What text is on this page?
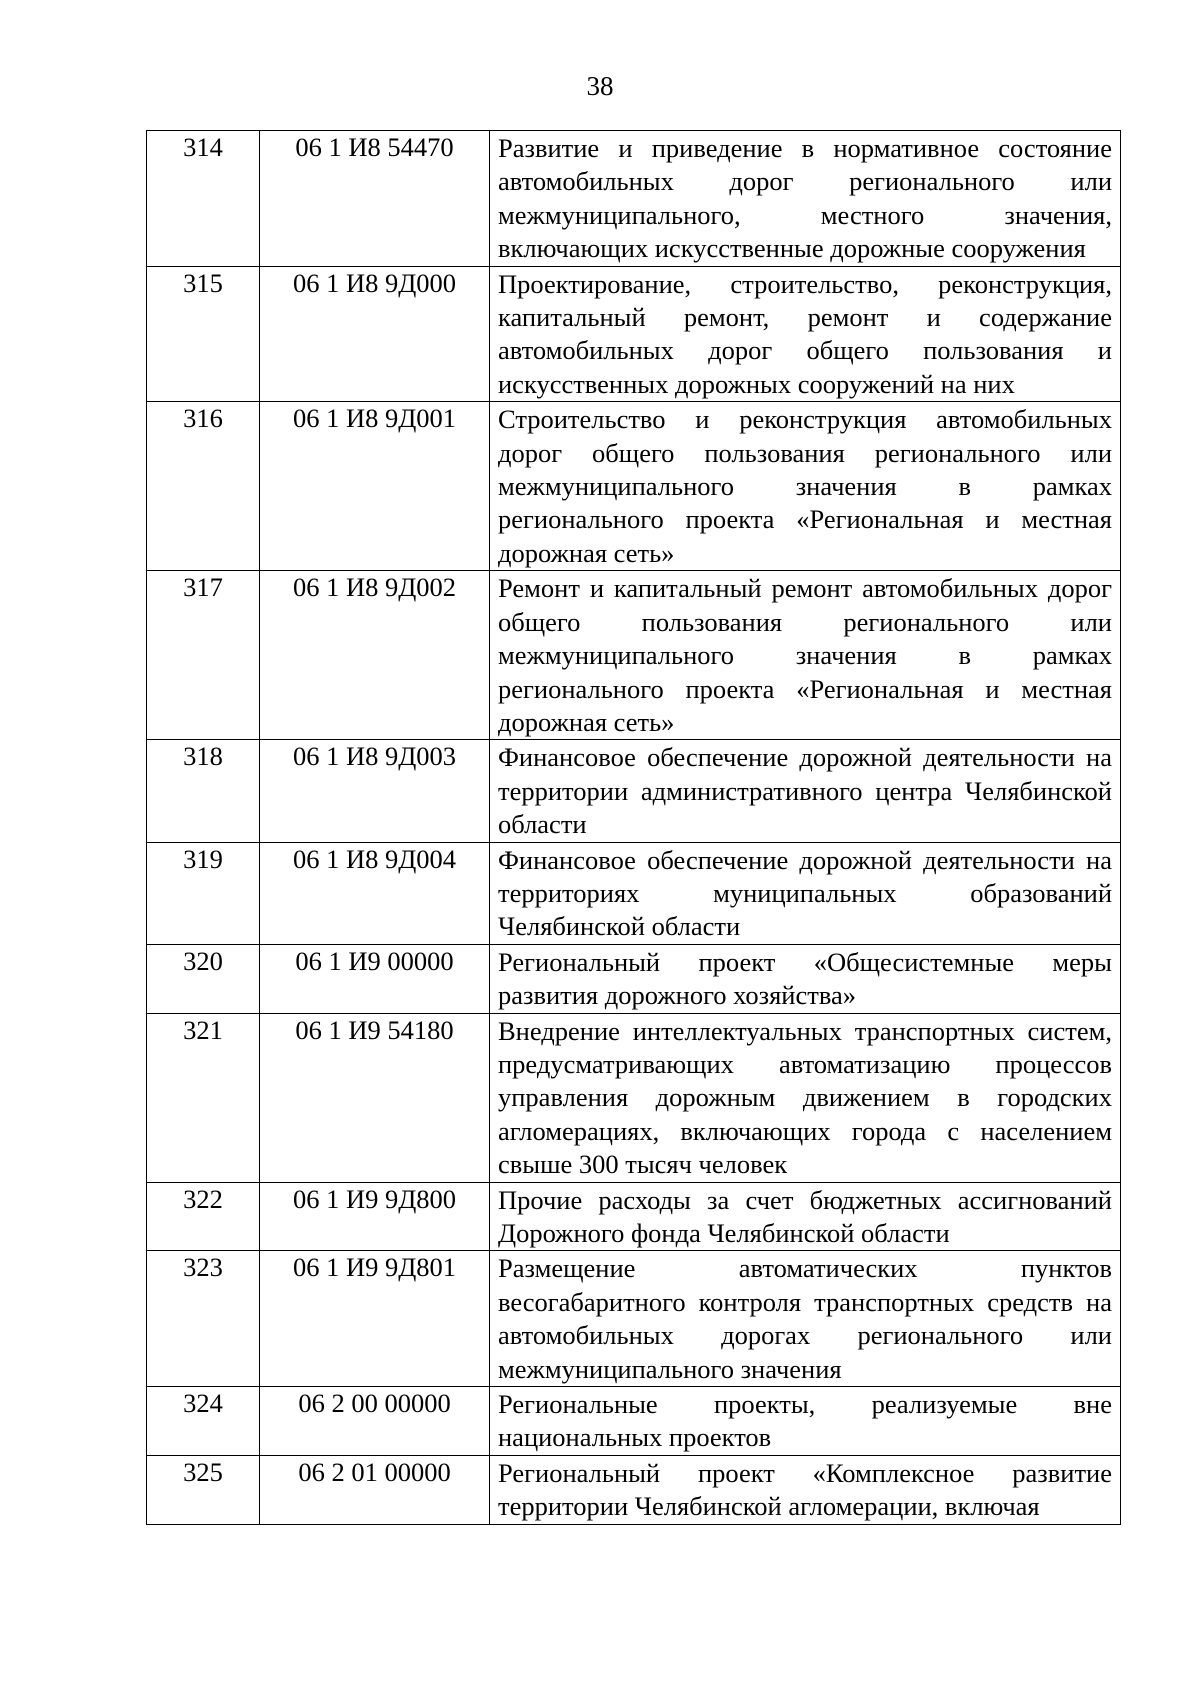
38
314	06 1 И8 54470	Развитие и приведение в нормативное состояние автомобильных дорог регионального или межмуниципального, местного значения, включающих искусственные дорожные сооружения
315	06 1 И8 9Д000	Проектирование, строительство, реконструкция, капитальный ремонт, ремонт и содержание автомобильных дорог общего пользования и искусственных дорожных сооружений на них
316	06 1 И8 9Д001	Строительство и реконструкция автомобильных дорог общего пользования регионального или межмуниципального значения в рамках регионального проекта «Региональная и местная дорожная сеть»
317	06 1 И8 9Д002	Ремонт и капитальный ремонт автомобильных дорог общего пользования регионального или межмуниципального значения в рамках регионального проекта «Региональная и местная дорожная сеть»
318	06 1 И8 9Д003	Финансовое обеспечение дорожной деятельности на территории административного центра Челябинской области
319	06 1 И8 9Д004	Финансовое обеспечение дорожной деятельности на территориях муниципальных образований Челябинской области
320	06 1 И9 00000	Региональный проект «Общесистемные меры развития дорожного хозяйства»
321	06 1 И9 54180	Внедрение интеллектуальных транспортных систем, предусматривающих автоматизацию процессов управления дорожным движением в городских агломерациях, включающих города с населением свыше 300 тысяч человек
322	06 1 И9 9Д800	Прочие расходы за счет бюджетных ассигнований Дорожного фонда Челябинской области
323	06 1 И9 9Д801	Размещение автоматических пунктов весогабаритного контроля транспортных средств на автомобильных дорогах регионального или межмуниципального значения
324	06 2 00 00000	Региональные проекты, реализуемые вне национальных проектов
325	06 2 01 00000	Региональный проект «Комплексное развитие территории Челябинской агломерации, включая
